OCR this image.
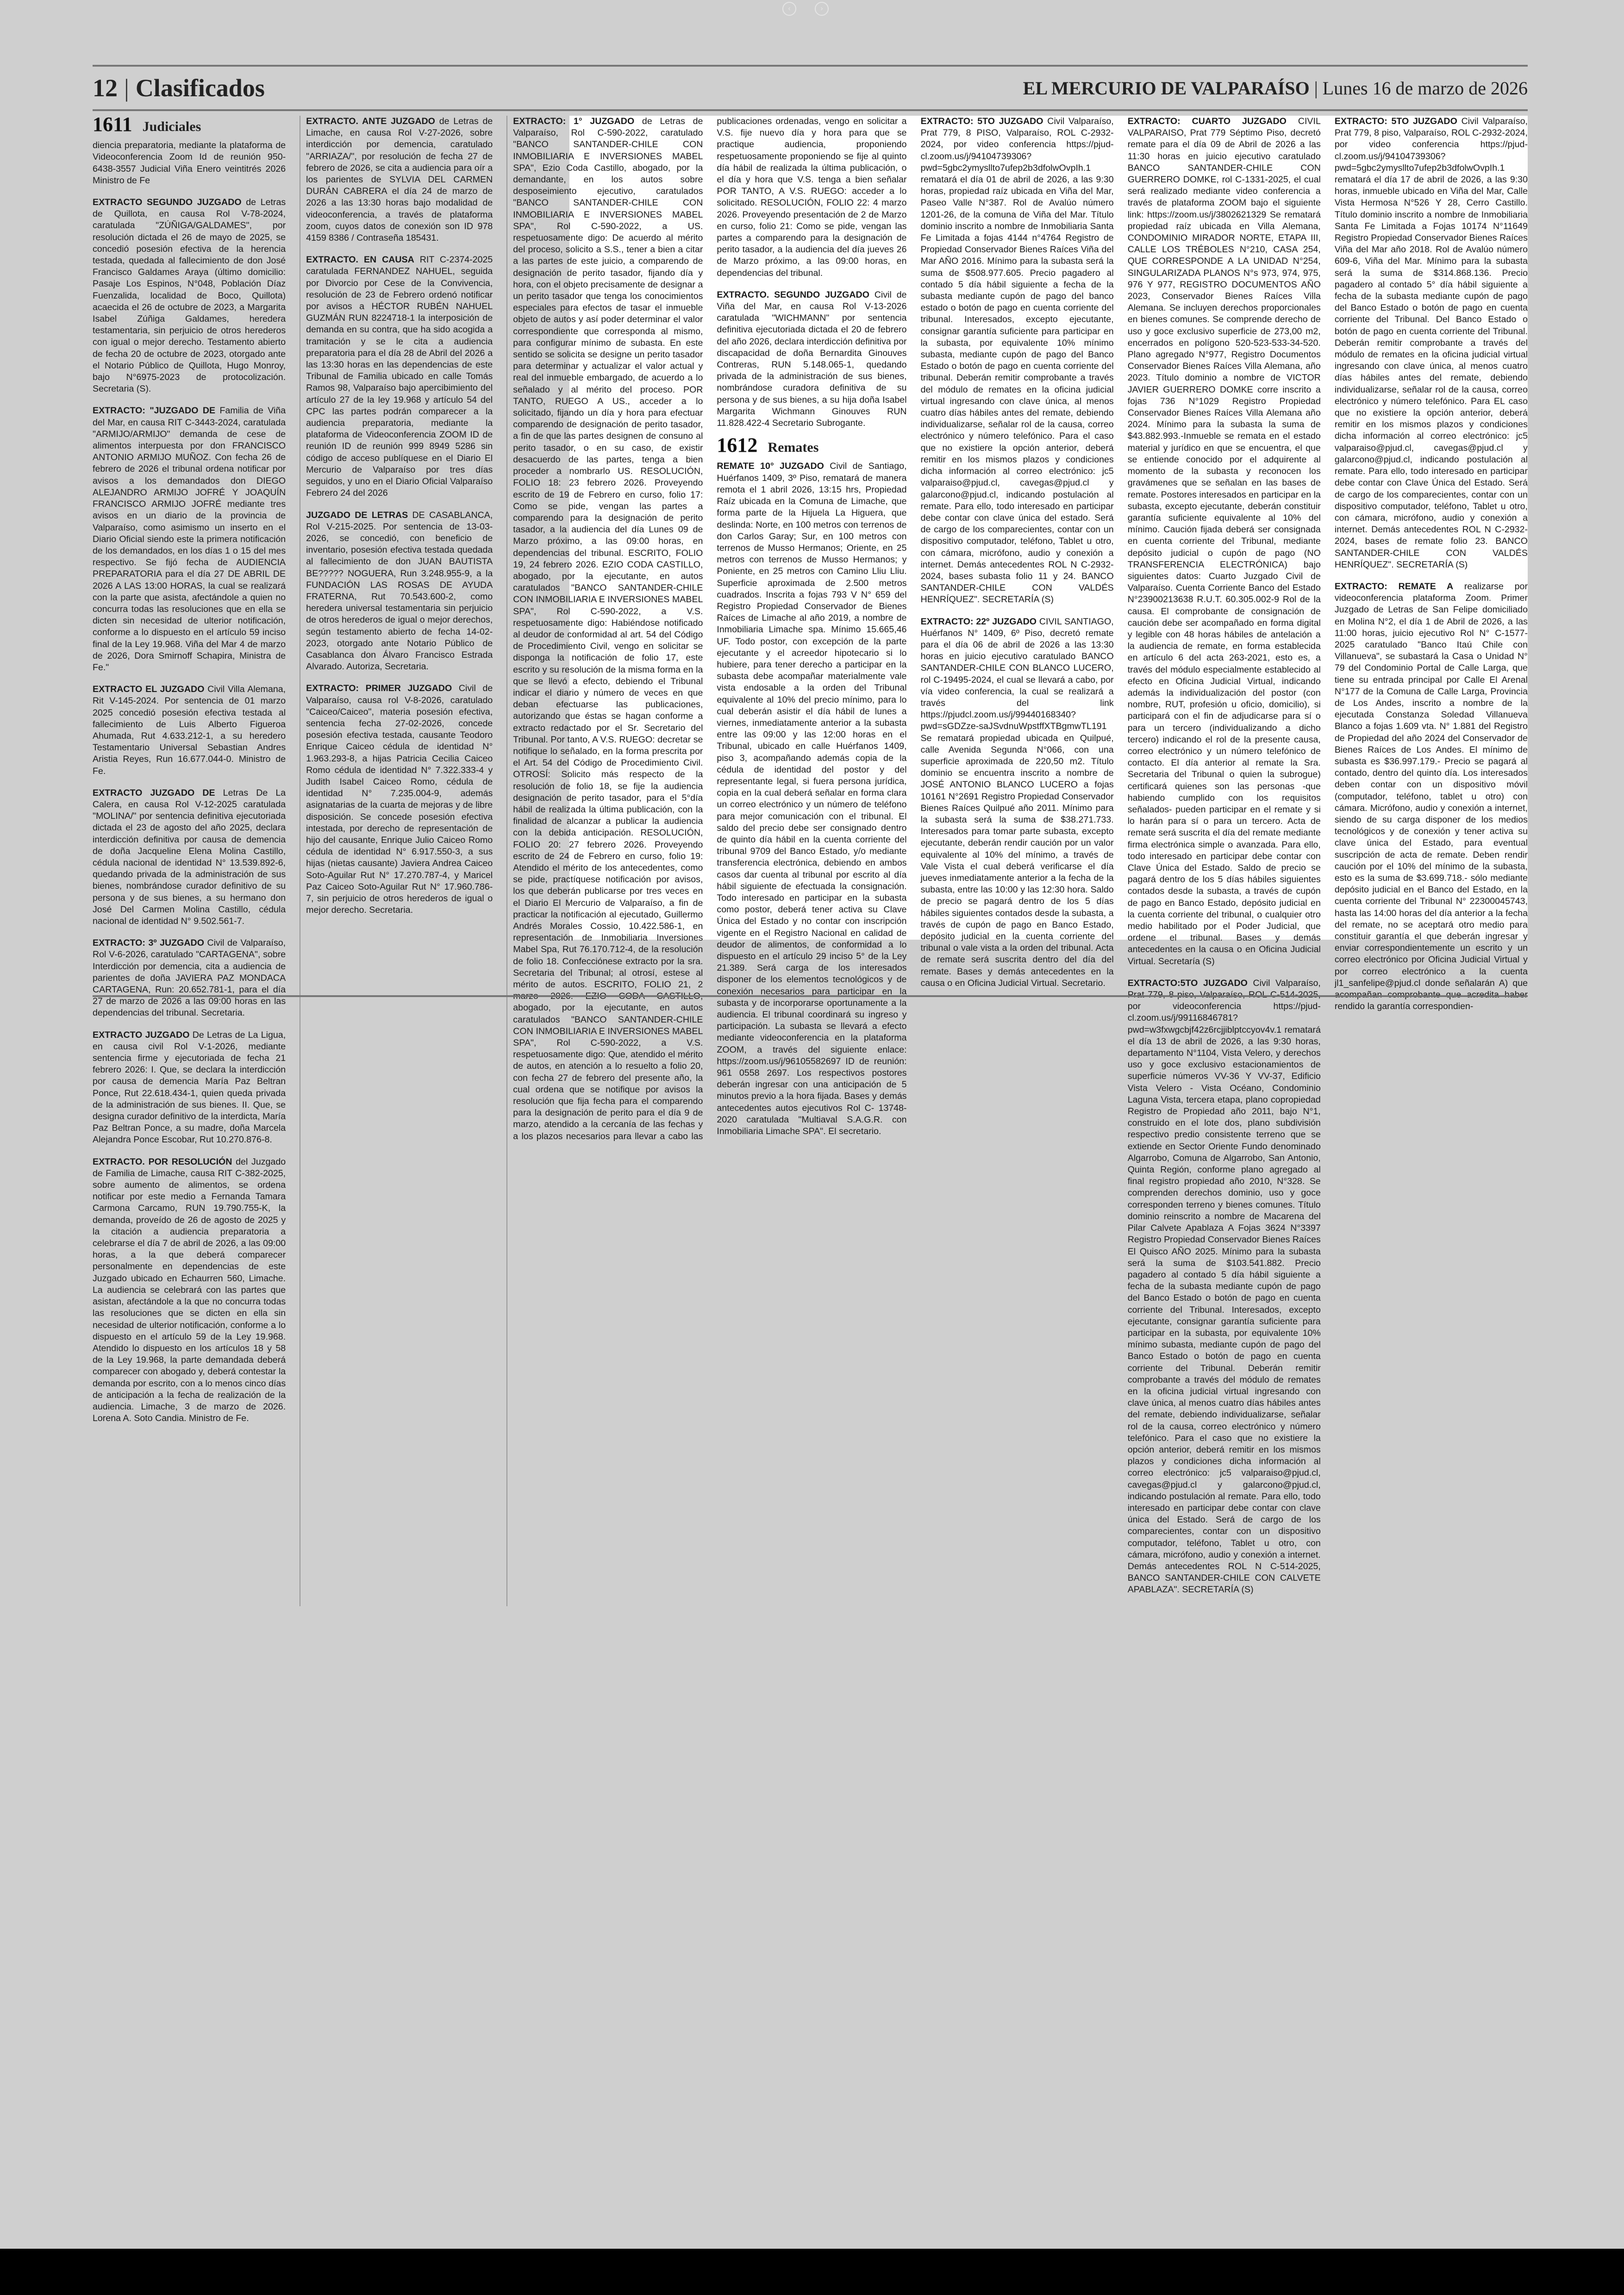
‹	›
12 | Clasificados	EL MERCURIO DE VALPARAÍSO | Lunes 16 de marzo de 2026
1611 Judiciales

diencia preparatoria, mediante la plataforma de Videoconferencia Zoom Id de reunión 950-6438-3557 Judicial Viña Enero veintitrés 2026 Ministro de Fe

EXTRACTO SEGUNDO JUZGADO de Letras de Quillota, en causa Rol V-78-2024, caratulada "ZÚÑIGA/GALDAMES", por resolución dictada el 26 de mayo de 2025, se concedió posesión efectiva de la herencia testada, quedada al fallecimiento de don José Francisco Galdames Araya (último domicilio: Pasaje Los Espinos, N°048, Población Díaz Fuenzalida, localidad de Boco, Quillota) acaecida el 26 de octubre de 2023, a Margarita Isabel Zúñiga Galdames, heredera testamentaria, sin perjuicio de otros herederos con igual o mejor derecho. Testamento abierto de fecha 20 de octubre de 2023, otorgado ante el Notario Público de Quillota, Hugo Monroy, bajo N°6975-2023 de protocolización. Secretaria (S).

EXTRACTO: "JUZGADO DE Familia de Viña del Mar, en causa RIT C-3443-2024, caratulada "ARMIJO/ARMIJO" demanda de cese de alimentos interpuesta por don FRANCISCO ANTONIO ARMIJO MUÑOZ. Con fecha 26 de febrero de 2026 el tribunal ordena notificar por avisos a los demandados don DIEGO ALEJANDRO ARMIJO JOFRÉ Y JOAQUÍN FRANCISCO ARMIJO JOFRÉ mediante tres avisos en un diario de la provincia de Valparaíso, como asimismo un inserto en el Diario Oficial siendo este la primera notificación de los demandados, en los días 1 o 15 del mes respectivo. Se fijó fecha de AUDIENCIA PREPARATORIA para el día 27 DE ABRIL DE 2026 A LAS 13:00 HORAS, la cual se realizará con la parte que asista, afectándole a quien no concurra todas las resoluciones que en ella se dicten sin necesidad de ulterior notificación, conforme a lo dispuesto en el artículo 59 inciso final de la Ley 19.968. Viña del Mar 4 de marzo de 2026, Dora Smirnoff Schapira, Ministra de Fe."

EXTRACTO EL JUZGADO Civil Villa Alemana, Rit V-145-2024. Por sentencia de 01 marzo 2025 concedió posesión efectiva testada al fallecimiento de Luis Alberto Figueroa Ahumada, Rut 4.633.212-1, a su heredero Testamentario Universal Sebastian Andres Aristia Reyes, Run 16.677.044-0. Ministro de Fe.

EXTRACTO JUZGADO DE Letras De La Calera, en causa Rol V-12-2025 caratulada "MOLINA/" por sentencia definitiva ejecutoriada dictada el 23 de agosto del año 2025, declara interdicción definitiva por causa de demencia de doña Jacqueline Elena Molina Castillo, cédula nacional de identidad N° 13.539.892-6, quedando privada de la administración de sus bienes, nombrándose curador definitivo de su persona y de sus bienes, a su hermano don José Del Carmen Molina Castillo, cédula nacional de identidad N° 9.502.561-7.

EXTRACTO: 3º JUZGADO Civil de Valparaíso, Rol V-6-2026, caratulado "CARTAGENA", sobre Interdicción por demencia, cita a audiencia de parientes de doña JAVIERA PAZ MONDACA CARTAGENA, Run: 20.652.781-1, para el día 27 de marzo de 2026 a las 09:00 horas en las dependencias del tribunal. Secretaria.

EXTRACTO JUZGADO De Letras de La Ligua, en causa civil Rol V-1-2026, mediante sentencia firme y ejecutoriada de fecha 21 febrero 2026: I. Que, se declara la interdicción por causa de demencia María Paz Beltran Ponce, Rut 22.618.434-1, quien queda privada de la administración de sus bienes. II. Que, se designa curador definitivo de la interdicta, María Paz Beltran Ponce, a su madre, doña Marcela Alejandra Ponce Escobar, Rut 10.270.876-8.

EXTRACTO. POR RESOLUCIÓN del Juzgado de Familia de Limache, causa RIT C-382-2025, sobre aumento de alimentos, se ordena notificar por este medio a Fernanda Tamara Carmona Carcamo, RUN 19.790.755-K, la demanda, proveído de 26 de agosto de 2025 y la citación a audiencia preparatoria a celebrarse el día 7 de abril de 2026, a las 09:00 horas, a la que deberá comparecer personalmente en dependencias de este Juzgado ubicado en Echaurren 560, Limache. La audiencia se celebrará con las partes que asistan, afectándole a la que no concurra todas las resoluciones que se dicten en ella sin necesidad de ulterior notificación, conforme a lo dispuesto en el artículo 59 de la Ley 19.968. Atendido lo dispuesto en los artículos 18 y 58 de la Ley 19.968, la parte demandada deberá comparecer con abogado y, deberá contestar la demanda por escrito, con a lo menos cinco días de anticipación a la fecha de realización de la audiencia. Limache, 3 de marzo de 2026. Lorena A. Soto Candia. Ministro de Fe.

EXTRACTO. ANTE JUZGADO de Letras de Limache, en causa Rol V-27-2026, sobre interdicción por demencia, caratulado "ARRIAZA/", por resolución de fecha 27 de febrero de 2026, se cita a audiencia para oír a los parientes de SYLVIA DEL CARMEN DURÁN CABRERA el día 24 de marzo de 2026 a las 13:30 horas bajo modalidad de videoconferencia, a través de plataforma zoom, cuyos datos de conexión son ID 978 4159 8386 / Contraseña 185431.

EXTRACTO. EN CAUSA RIT C-2374-2025 caratulada FERNANDEZ NAHUEL, seguida por Divorcio por Cese de la Convivencia, resolución de 23 de Febrero ordenó notificar por avisos a HÉCTOR RUBÉN NAHUEL GUZMÁN RUN 8224718-1 la interposición de demanda en su contra, que ha sido acogida a tramitación y se le cita a audiencia preparatoria para el día 28 de Abril del 2026 a las 13:30 horas en las dependencias de este Tribunal de Familia ubicado en calle Tomás Ramos 98, Valparaíso bajo apercibimiento del artículo 27 de la ley 19.968 y artículo 54 del CPC las partes podrán comparecer a la audiencia preparatoria, mediante la plataforma de Videoconferencia ZOOM ID de reunión ID de reunión 999 8949 5286 sin código de acceso publíquese en el Diario El Mercurio de Valparaíso por tres días seguidos, y uno en el Diario Oficial Valparaíso Febrero 24 del 2026

JUZGADO DE LETRAS DE CASABLANCA, Rol V-215-2025. Por sentencia de 13-03-2026, se concedió, con beneficio de inventario, posesión efectiva testada quedada al fallecimiento de don JUAN BAUTISTA BE????? NOGUERA, Run 3.248.955-9, a la FUNDACIÓN LAS ROSAS DE AYUDA FRATERNA, Rut 70.543.600-2, como heredera universal testamentaria sin perjuicio de otros herederos de igual o mejor derechos, según testamento abierto de fecha 14-02-2023, otorgado ante Notario Público de Casablanca don Álvaro Francisco Estrada Alvarado. Autoriza, Secretaria.

EXTRACTO: PRIMER JUZGADO Civil de Valparaíso, causa rol V-8-2026, caratulado "Caiceo/Caiceo", materia posesión efectiva, sentencia fecha 27-02-2026, concede posesión efectiva testada, causante Teodoro Enrique Caiceo cédula de identidad N° 1.963.293-8, a hijas Patricia Cecilia Caiceo Romo cédula de identidad N° 7.322.333-4 y Judith Isabel Caiceo Romo, cédula de identidad N° 7.235.004-9, además asignatarias de la cuarta de mejoras y de libre disposición. Se concede posesión efectiva intestada, por derecho de representación de hijo del causante, Enrique Julio Caiceo Romo cédula de identidad N° 6.917.550-3, a sus hijas (nietas causante) Javiera Andrea Caiceo Soto-Aguilar Rut N° 17.270.787-4, y Maricel Paz Caiceo Soto-Aguilar Rut N° 17.960.786-7, sin perjuicio de otros herederos de igual o mejor derecho. Secretaria.

EXTRACTO: 1° JUZGADO de Letras de Valparaíso, Rol C-590-2022, caratulado "BANCO SANTANDER-CHILE CON INMOBILIARIA E INVERSIONES MABEL SPA", Ezio Coda Castillo, abogado, por la demandante, en los autos sobre desposeimiento ejecutivo, caratulados "BANCO SANTANDER-CHILE CON INMOBILIARIA E INVERSIONES MABEL SPA", Rol C-590-2022, a US. respetuosamente digo: De acuerdo al mérito del proceso, solicito a S.S., tener a bien a citar a las partes de este juicio, a comparendo de designación de perito tasador, fijando día y hora, con el objeto precisamente de designar a un perito tasador que tenga los conocimientos especiales para efectos de tasar el inmueble objeto de autos y así poder determinar el valor correspondiente que corresponda al mismo, para configurar mínimo de subasta. En este sentido se solicita se designe un perito tasador para determinar y actualizar el valor actual y real del inmueble embargado, de acuerdo a lo señalado y al mérito del proceso. POR TANTO, RUEGO A US., acceder a lo solicitado, fijando un día y hora para efectuar comparendo de designación de perito tasador, a fin de que las partes designen de consuno al perito tasador, o en su caso, de existir desacuerdo de las partes, tenga a bien proceder a nombrarlo US. RESOLUCIÓN, FOLIO 18: 23 febrero 2026. Proveyendo escrito de 19 de Febrero en curso, folio 17: Como se pide, vengan las partes a comparendo para la designación de perito tasador, a la audiencia del día Lunes 09 de Marzo próximo, a las 09:00 horas, en dependencias del tribunal. ESCRITO, FOLIO 19, 24 febrero 2026. EZIO CODA CASTILLO, abogado, por la ejecutante, en autos caratulados "BANCO SANTANDER-CHILE CON INMOBILIARIA E INVERSIONES MABEL SPA", Rol C-590-2022, a V.S. respetuosamente digo: Habiéndose notificado al deudor de conformidad al art. 54 del Código de Procedimiento Civil, vengo en solicitar se disponga la notificación de folio 17, este escrito y su resolución de la misma forma en la que se llevó a efecto, debiendo el Tribunal indicar el diario y número de veces en que deban efectuarse las publicaciones, autorizando que éstas se hagan conforme a extracto redactado por el Sr. Secretario del Tribunal. Por tanto, A V.S. RUEGO: decretar se notifique lo señalado, en la forma prescrita por el Art. 54 del Código de Procedimiento Civil. OTROSÍ: Solicito más respecto de la resolución de folio 18, se fije la audiencia designación de perito tasador, para el 5°día hábil de realizada la última publicación, con la finalidad de alcanzar a publicar la audiencia con la debida anticipación. RESOLUCIÓN, FOLIO 20: 27 febrero 2026. Proveyendo escrito de 24 de Febrero en curso, folio 19: Atendido el mérito de los antecedentes, como se pide, practíquese notificación por avisos, los que deberán publicarse por tres veces en el Diario El Mercurio de Valparaíso, a fin de practicar la notificación al ejecutado, Guillermo Andrés Morales Cossio, 10.422.586-1, en representación de Inmobiliaria Inversiones Mabel Spa, Rut 76.170.712-4, de la resolución de folio 18. Confecciónese extracto por la sra. Secretaria del Tribunal; al otrosí, estese al mérito de autos. ESCRITO, FOLIO 21, 2 marzo 2026. EZIO CODA CASTILLO, abogado, por la ejecutante, en autos caratulados "BANCO SANTANDER-CHILE CON INMOBILIARIA E INVERSIONES MABEL SPA", Rol C-590-2022, a V.S. respetuosamente digo: Que, atendido el mérito de autos, en atención a lo resuelto a folio 20, con fecha 27 de febrero del presente año, la cual ordena que se notifique por avisos la resolución que fija fecha para el comparendo para la designación de perito para el día 9 de marzo, atendido a la cercanía de las fechas y a los plazos necesarios para llevar a cabo las publicaciones ordenadas, vengo en solicitar a V.S. fije nuevo día y hora para que se practique audiencia, proponiendo respetuosamente proponiendo se fije al quinto día hábil de realizada la última publicación, o el día y hora que V.S. tenga a bien señalar POR TANTO, A V.S. RUEGO: acceder a lo solicitado. RESOLUCIÓN, FOLIO 22: 4 marzo 2026. Proveyendo presentación de 2 de Marzo en curso, folio 21: Como se pide, vengan las partes a comparendo para la designación de perito tasador, a la audiencia del día jueves 26 de Marzo próximo, a las 09:00 horas, en dependencias del tribunal.

EXTRACTO. SEGUNDO JUZGADO Civil de Viña del Mar, en causa Rol V-13-2026 caratulada "WICHMANN" por sentencia definitiva ejecutoriada dictada el 20 de febrero del año 2026, declara interdicción definitiva por discapacidad de doña Bernardita Ginouves Contreras, RUN 5.148.065-1, quedando privada de la administración de sus bienes, nombrándose curadora definitiva de su persona y de sus bienes, a su hija doña Isabel Margarita Wichmann Ginouves RUN 11.828.422-4 Secretario Subrogante.

1612 Remates

REMATE 10° JUZGADO Civil de Santiago, Huérfanos 1409, 3º Piso, rematará de manera remota el 1 abril 2026, 13:15 hrs, Propiedad Raíz ubicada en la Comuna de Limache, que forma parte de la Hijuela La Higuera, que deslinda: Norte, en 100 metros con terrenos de don Carlos Garay; Sur, en 100 metros con terrenos de Musso Hermanos; Oriente, en 25 metros con terrenos de Musso Hermanos; y Poniente, en 25 metros con Camino Lliu Lliu. Superficie aproximada de 2.500 metros cuadrados. Inscrita a fojas 793 V N° 659 del Registro Propiedad Conservador de Bienes Raíces de Limache al año 2019, a nombre de Inmobiliaria Limache spa. Mínimo 15.665,46 UF. Todo postor, con excepción de la parte ejecutante y el acreedor hipotecario si lo hubiere, para tener derecho a participar en la subasta debe acompañar materialmente vale vista endosable a la orden del Tribunal equivalente al 10% del precio mínimo, para lo cual deberán asistir el día hábil de lunes a viernes, inmediatamente anterior a la subasta entre las 09:00 y las 12:00 horas en el Tribunal, ubicado en calle Huérfanos 1409, piso 3, acompañando además copia de la cédula de identidad del postor y del representante legal, si fuera persona jurídica, copia en la cual deberá señalar en forma clara un correo electrónico y un número de teléfono para mejor comunicación con el tribunal. El saldo del precio debe ser consignado dentro de quinto día hábil en la cuenta corriente del tribunal 9709 del Banco Estado, y/o mediante transferencia electrónica, debiendo en ambos casos dar cuenta al tribunal por escrito al día hábil siguiente de efectuada la consignación. Todo interesado en participar en la subasta como postor, deberá tener activa su Clave Única del Estado y no contar con inscripción vigente en el Registro Nacional en calidad de deudor de alimentos, de conformidad a lo dispuesto en el artículo 29 inciso 5° de la Ley 21.389. Será carga de los interesados disponer de los elementos tecnológicos y de conexión necesarios para participar en la subasta y de incorporarse oportunamente a la audiencia. El tribunal coordinará su ingreso y participación. La subasta se llevará a efecto mediante videoconferencia en la plataforma ZOOM, a través del siguiente enlace: https://zoom.us/j/96105582697 ID de reunión: 961 0558 2697. Los respectivos postores deberán ingresar con una anticipación de 5 minutos previo a la hora fijada. Bases y demás antecedentes autos ejecutivos Rol C- 13748-2020 caratulada "Multiaval S.A.G.R. con Inmobiliaria Limache SPA". El secretario.

EXTRACTO: 5TO JUZGADO Civil Valparaíso, Prat 779, 8 PISO, Valparaíso, ROL C-2932-2024, por video conferencia https://pjud-cl.zoom.us/j/94104739306?pwd=5gbc2ymysllto7ufep2b3dfolwOvpIh.1 rematará el día 01 de abril de 2026, a las 9:30 horas, propiedad raíz ubicada en Viña del Mar, Paseo Valle N°387. Rol de Avalúo número 1201-26, de la comuna de Viña del Mar. Título dominio inscrito a nombre de Inmobiliaria Santa Fe Limitada a fojas 4144 n°4764 Registro de Propiedad Conservador Bienes Raíces Viña del Mar AÑO 2016. Mínimo para la subasta será la suma de $508.977.605. Precio pagadero al contado 5 día hábil siguiente a fecha de la subasta mediante cupón de pago del banco estado o botón de pago en cuenta corriente del tribunal. Interesados, excepto ejecutante, consignar garantía suficiente para participar en la subasta, por equivalente 10% mínimo subasta, mediante cupón de pago del Banco Estado o botón de pago en cuenta corriente del tribunal. Deberán remitir comprobante a través del módulo de remates en la oficina judicial virtual ingresando con clave única, al menos cuatro días hábiles antes del remate, debiendo individualizarse, señalar rol de la causa, correo electrónico y número telefónico. Para el caso que no existiere la opción anterior, deberá remitir en los mismos plazos y condiciones dicha información al correo electrónico: jc5 valparaiso@pjud.cl, cavegas@pjud.cl y galarcono@pjud.cl, indicando postulación al remate. Para ello, todo interesado en participar debe contar con clave única del estado. Será de cargo de los comparecientes, contar con un dispositivo computador, teléfono, Tablet u otro, con cámara, micrófono, audio y conexión a internet. Demás antecedentes ROL N C-2932-2024, bases subasta folio 11 y 24. BANCO SANTANDER-CHILE CON VALDÉS HENRÍQUEZ". SECRETARÍA (S)

EXTRACTO: 22º JUZGADO CIVIL SANTIAGO, Huérfanos N° 1409, 6º Piso, decretó remate para el día 06 de abril de 2026 a las 13:30 horas en juicio ejecutivo caratulado BANCO SANTANDER-CHILE CON BLANCO LUCERO, rol C-19495-2024, el cual se llevará a cabo, por vía video conferencia, la cual se realizará a través del link https://pjudcl.zoom.us/j/99440168340?pwd=sGDZze-saJSvdnuWpstffXTBgmwTL191 Se rematará propiedad ubicada en Quilpué, calle Avenida Segunda N°066, con una superficie aproximada de 220,50 m2. Título dominio se encuentra inscrito a nombre de JOSÉ ANTONIO BLANCO LUCERO a fojas 10161 N°2691 Registro Propiedad Conservador Bienes Raíces Quilpué año 2011. Mínimo para la subasta será la suma de $38.271.733. Interesados para tomar parte subasta, excepto ejecutante, deberán rendir caución por un valor equivalente al 10% del mínimo, a través de Vale Vista el cual deberá verificarse el día jueves inmediatamente anterior a la fecha de la subasta, entre las 10:00 y las 12:30 hora. Saldo de precio se pagará dentro de los 5 días hábiles siguientes contados desde la subasta, a través de cupón de pago en Banco Estado, depósito judicial en la cuenta corriente del tribunal o vale vista a la orden del tribunal. Acta de remate será suscrita dentro del día del remate. Bases y demás antecedentes en la causa o en Oficina Judicial Virtual. Secretario.

EXTRACTO: CUARTO JUZGADO CIVIL VALPARAISO, Prat 779 Séptimo Piso, decretó remate para el día 09 de Abril de 2026 a las 11:30 horas en juicio ejecutivo caratulado BANCO SANTANDER-CHILE CON GUERRERO DOMKE, rol C-1331-2025, el cual será realizado mediante video conferencia a través de plataforma ZOOM bajo el siguiente link: https://zoom.us/j/3802621329 Se rematará propiedad raíz ubicada en Villa Alemana, CONDOMINIO MIRADOR NORTE, ETAPA III, CALLE LOS TRÉBOLES N°210, CASA 254, QUE CORRESPONDE A LA UNIDAD N°254, SINGULARIZADA PLANOS N°s 973, 974, 975, 976 Y 977, REGISTRO DOCUMENTOS AÑO 2023, Conservador Bienes Raíces Villa Alemana. Se incluyen derechos proporcionales en bienes comunes. Se comprende derecho de uso y goce exclusivo superficie de 273,00 m2, encerrados en polígono 520-523-533-34-520. Plano agregado N°977, Registro Documentos Conservador Bienes Raíces Villa Alemana, año 2023. Título dominio a nombre de VICTOR JAVIER GUERRERO DOMKE corre inscrito a fojas 736 N°1029 Registro Propiedad Conservador Bienes Raíces Villa Alemana año 2024. Mínimo para la subasta la suma de $43.882.993.-Inmueble se remata en el estado material y jurídico en que se encuentra, el que se entiende conocido por el adquirente al momento de la subasta y reconocen los gravámenes que se señalan en las bases de remate. Postores interesados en participar en la subasta, excepto ejecutante, deberán constituir garantía suficiente equivalente al 10% del mínimo. Caución fijada deberá ser consignada en cuenta corriente del Tribunal, mediante depósito judicial o cupón de pago (NO TRANSFERENCIA ELECTRÓNICA) bajo siguientes datos: Cuarto Juzgado Civil de Valparaíso. Cuenta Corriente Banco del Estado N°23900213638 R.U.T. 60.305.002-9 Rol de la causa. El comprobante de consignación de caución debe ser acompañado en forma digital y legible con 48 horas hábiles de antelación a la audiencia de remate, en forma establecida en artículo 6 del acta 263-2021, esto es, a través del módulo especialmente establecido al efecto en Oficina Judicial Virtual, indicando además la individualización del postor (con nombre, RUT, profesión u oficio, domicilio), si participará con el fin de adjudicarse para sí o para un tercero (individualizando a dicho tercero) indicando el rol de la presente causa, correo electrónico y un número telefónico de contacto. El día anterior al remate la Sra. Secretaria del Tribunal o quien la subrogue) certificará quienes son las personas -que habiendo cumplido con los requisitos señalados- pueden participar en el remate y si lo harán para sí o para un tercero. Acta de remate será suscrita el día del remate mediante firma electrónica simple o avanzada. Para ello, todo interesado en participar debe contar con Clave Única del Estado. Saldo de precio se pagará dentro de los 5 días hábiles siguientes contados desde la subasta, a través de cupón de pago en Banco Estado, depósito judicial en la cuenta corriente del tribunal, o cualquier otro medio habilitado por el Poder Judicial, que ordene el tribunal. Bases y demás antecedentes en la causa o en Oficina Judicial Virtual. Secretaría (S)

EXTRACTO:5TO JUZGADO Civil Valparaíso, Prat 779, 8 piso, Valparaíso, ROL C-514-2025, por videoconferencia https://pjud-cl.zoom.us/j/99116846781?pwd=w3fxwgcbjf42z6rcjjiblptccyov4v.1 rematará el día 13 de abril de 2026, a las 9:30 horas, departamento N°1104, Vista Velero, y derechos uso y goce exclusivo estacionamientos de superficie números VV-36 Y VV-37, Edificio Vista Velero - Vista Océano, Condominio Laguna Vista, tercera etapa, plano copropiedad Registro de Propiedad año 2011, bajo N°1, construido en el lote dos, plano subdivisión respectivo predio consistente terreno que se extiende en Sector Oriente Fundo denominado Algarrobo, Comuna de Algarrobo, San Antonio, Quinta Región, conforme plano agregado al final registro propiedad año 2010, N°328. Se comprenden derechos dominio, uso y goce corresponden terreno y bienes comunes. Título dominio reinscrito a nombre de Macarena del Pilar Calvete Apablaza A Fojas 3624 N°3397 Registro Propiedad Conservador Bienes Raíces El Quisco AÑO 2025. Mínimo para la subasta será la suma de $103.541.882. Precio pagadero al contado 5 día hábil siguiente a fecha de la subasta mediante cupón de pago del Banco Estado o botón de pago en cuenta corriente del Tribunal. Interesados, excepto ejecutante, consignar garantía suficiente para participar en la subasta, por equivalente 10% mínimo subasta, mediante cupón de pago del Banco Estado o botón de pago en cuenta corriente del Tribunal. Deberán remitir comprobante a través del módulo de remates en la oficina judicial virtual ingresando con clave única, al menos cuatro días hábiles antes del remate, debiendo individualizarse, señalar rol de la causa, correo electrónico y número telefónico. Para el caso que no existiere la opción anterior, deberá remitir en los mismos plazos y condiciones dicha información al correo electrónico: jc5 valparaiso@pjud.cl, cavegas@pjud.cl y galarcono@pjud.cl, indicando postulación al remate. Para ello, todo interesado en participar debe contar con clave única del Estado. Será de cargo de los comparecientes, contar con un dispositivo computador, teléfono, Tablet u otro, con cámara, micrófono, audio y conexión a internet. Demás antecedentes ROL N C-514-2025, BANCO SANTANDER-CHILE CON CALVETE APABLAZA". SECRETARÍA (S)

EXTRACTO: 5TO JUZGADO Civil Valparaíso, Prat 779, 8 piso, Valparaíso, ROL C-2932-2024, por video conferencia https://pjud-cl.zoom.us/j/94104739306?pwd=5gbc2ymysllto7ufep2b3dfolwOvpIh.1 rematará el día 17 de abril de 2026, a las 9:30 horas, inmueble ubicado en Viña del Mar, Calle Vista Hermosa N°526 Y 28, Cerro Castillo. Título dominio inscrito a nombre de Inmobiliaria Santa Fe Limitada a Fojas 10174 N°11649 Registro Propiedad Conservador Bienes Raíces Viña del Mar año 2018. Rol de Avalúo número 609-6, Viña del Mar. Mínimo para la subasta será la suma de $314.868.136. Precio pagadero al contado 5° día hábil siguiente a fecha de la subasta mediante cupón de pago del Banco Estado o botón de pago en cuenta corriente del Tribunal. Del Banco Estado o botón de pago en cuenta corriente del Tribunal. Deberán remitir comprobante a través del módulo de remates en la oficina judicial virtual ingresando con clave única, al menos cuatro días hábiles antes del remate, debiendo individualizarse, señalar rol de la causa, correo electrónico y número telefónico. Para EL caso que no existiere la opción anterior, deberá remitir en los mismos plazos y condiciones dicha información al correo electrónico: jc5 valparaiso@pjud.cl, cavegas@pjud.cl y galarcono@pjud.cl, indicando postulación al remate. Para ello, todo interesado en participar debe contar con Clave Única del Estado. Será de cargo de los comparecientes, contar con un dispositivo computador, teléfono, Tablet u otro, con cámara, micrófono, audio y conexión a internet. Demás antecedentes ROL N C-2932-2024, bases de remate folio 23. BANCO SANTANDER-CHILE CON VALDÉS HENRÍQUEZ". SECRETARÍA (S)

EXTRACTO: REMATE A realizarse por videoconferencia plataforma Zoom. Primer Juzgado de Letras de San Felipe domiciliado en Molina N°2, el día 1 de Abril de 2026, a las 11:00 horas, juicio ejecutivo Rol N° C-1577-2025 caratulado "Banco Itaú Chile con Villanueva", se subastará la Casa o Unidad N° 79 del Condominio Portal de Calle Larga, que tiene su entrada principal por Calle El Arenal N°177 de la Comuna de Calle Larga, Provincia de Los Andes, inscrito a nombre de la ejecutada Constanza Soledad Villanueva Blanco a fojas 1.609 vta. N° 1.881 del Registro de Propiedad del año 2024 del Conservador de Bienes Raíces de Los Andes. El mínimo de subasta es $36.997.179.- Precio se pagará al contado, dentro del quinto día. Los interesados deben contar con un dispositivo móvil (computador, teléfono, tablet u otro) con cámara. Micrófono, audio y conexión a internet, siendo de su carga disponer de los medios tecnológicos y de conexión y tener activa su clave única del Estado, para eventual suscripción de acta de remate. Deben rendir caución por el 10% del mínimo de la subasta, esto es la suma de $3.699.718.- sólo mediante depósito judicial en el Banco del Estado, en la cuenta corriente del Tribunal N° 22300045743, hasta las 14:00 horas del día anterior a la fecha del remate, no se aceptará otro medio para constituir garantía el que deberán ingresar y enviar correspondientemente un escrito y un correo electrónico por Oficina Judicial Virtual y por correo electrónico a la cuenta jl1_sanfelipe@pjud.cl donde señalarán A) que acompañan comprobante que acredita haber rendido la garantía correspondien-
